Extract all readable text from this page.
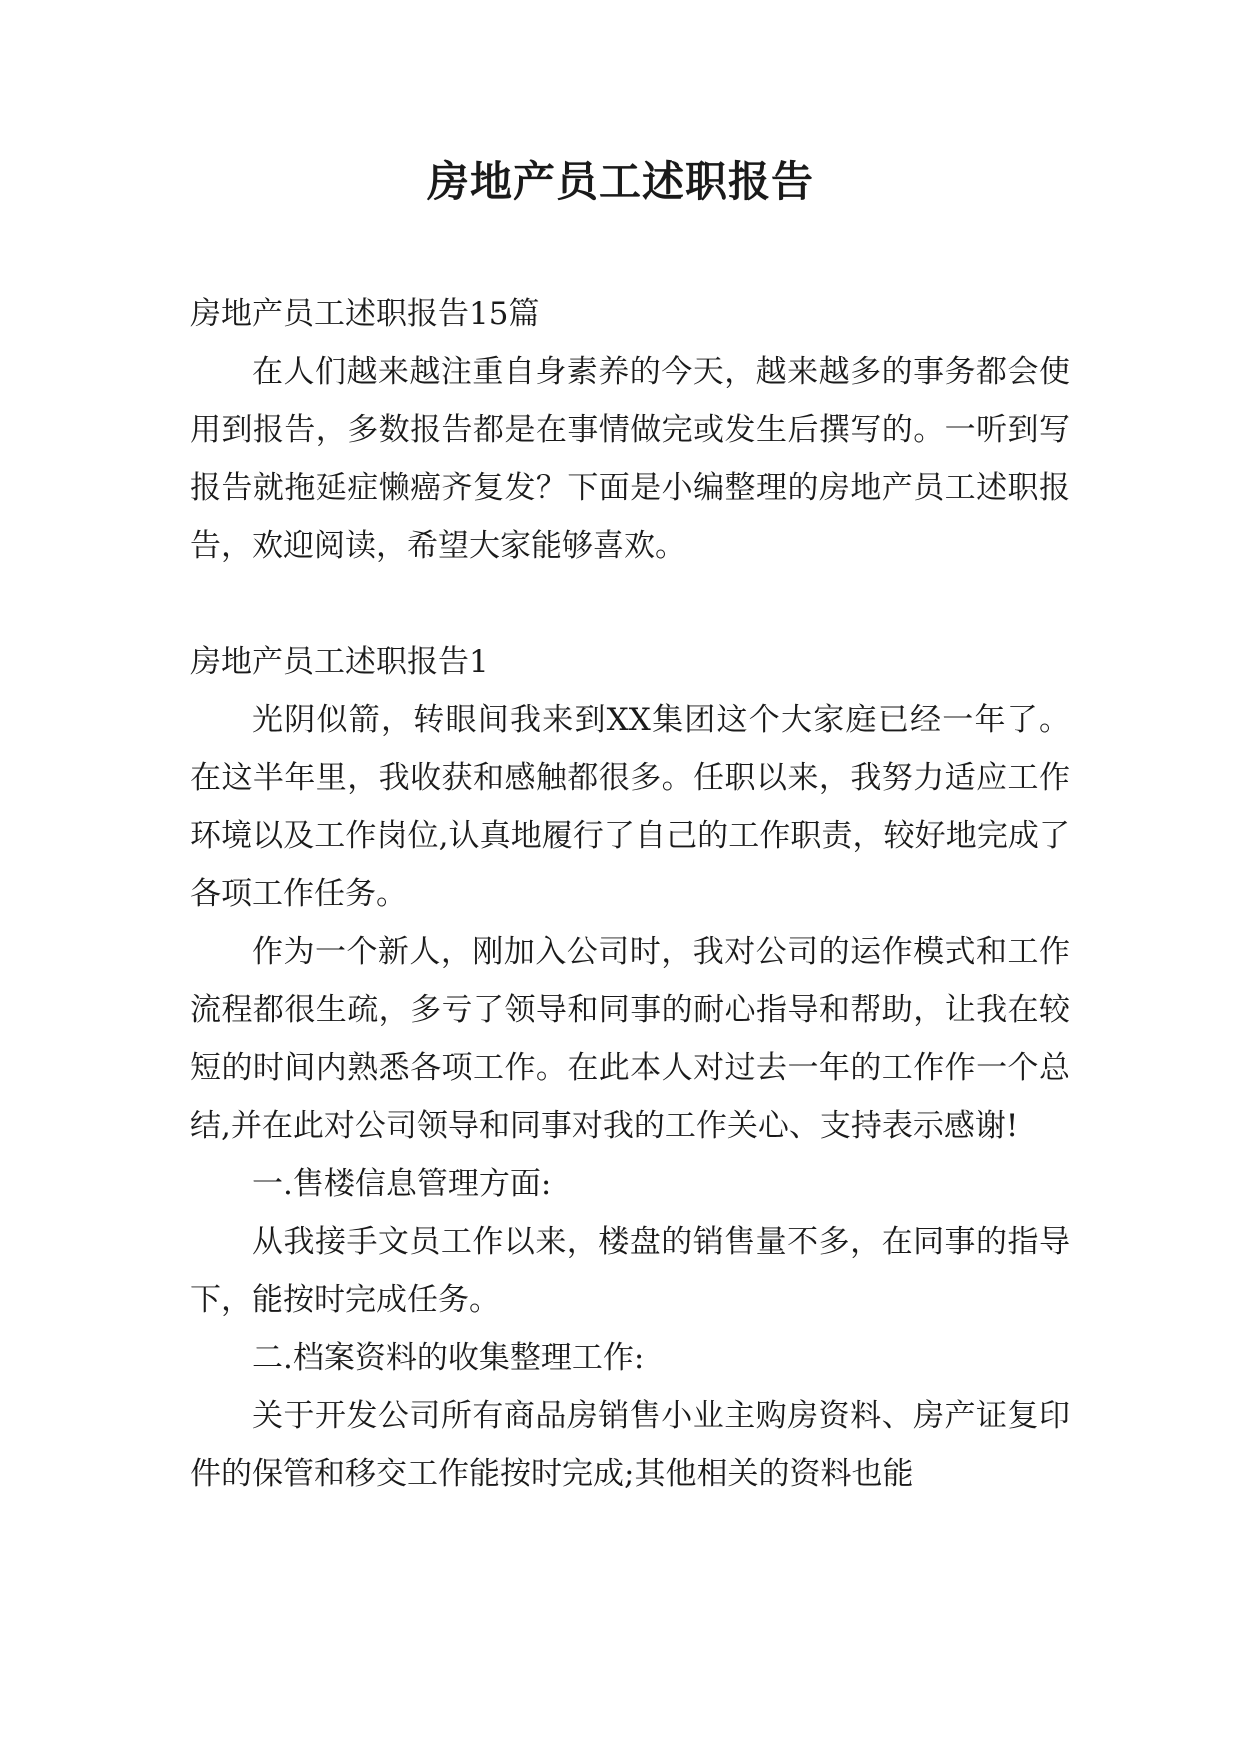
房地产员工述职报告

房地产员工述职报告15篇

在人们越来越注重自身素养的今天，越来越多的事务都会使用到报告，多数报告都是在事情做完或发生后撰写的。一听到写报告就拖延症懒癌齐复发？下面是小编整理的房地产员工述职报告，欢迎阅读，希望大家能够喜欢。

房地产员工述职报告1

光阴似箭，转眼间我来到XX集团这个大家庭已经一年了。在这半年里，我收获和感触都很多。任职以来，我努力适应工作环境以及工作岗位,认真地履行了自己的工作职责，较好地完成了各项工作任务。

作为一个新人，刚加入公司时，我对公司的运作模式和工作流程都很生疏，多亏了领导和同事的耐心指导和帮助，让我在较短的时间内熟悉各项工作。在此本人对过去一年的工作作一个总结,并在此对公司领导和同事对我的工作关心、支持表示感谢!

一.售楼信息管理方面:

从我接手文员工作以来，楼盘的销售量不多，在同事的指导下，能按时完成任务。

二.档案资料的收集整理工作:

关于开发公司所有商品房销售小业主购房资料、房产证复印件的保管和移交工作能按时完成;其他相关的资料也能
